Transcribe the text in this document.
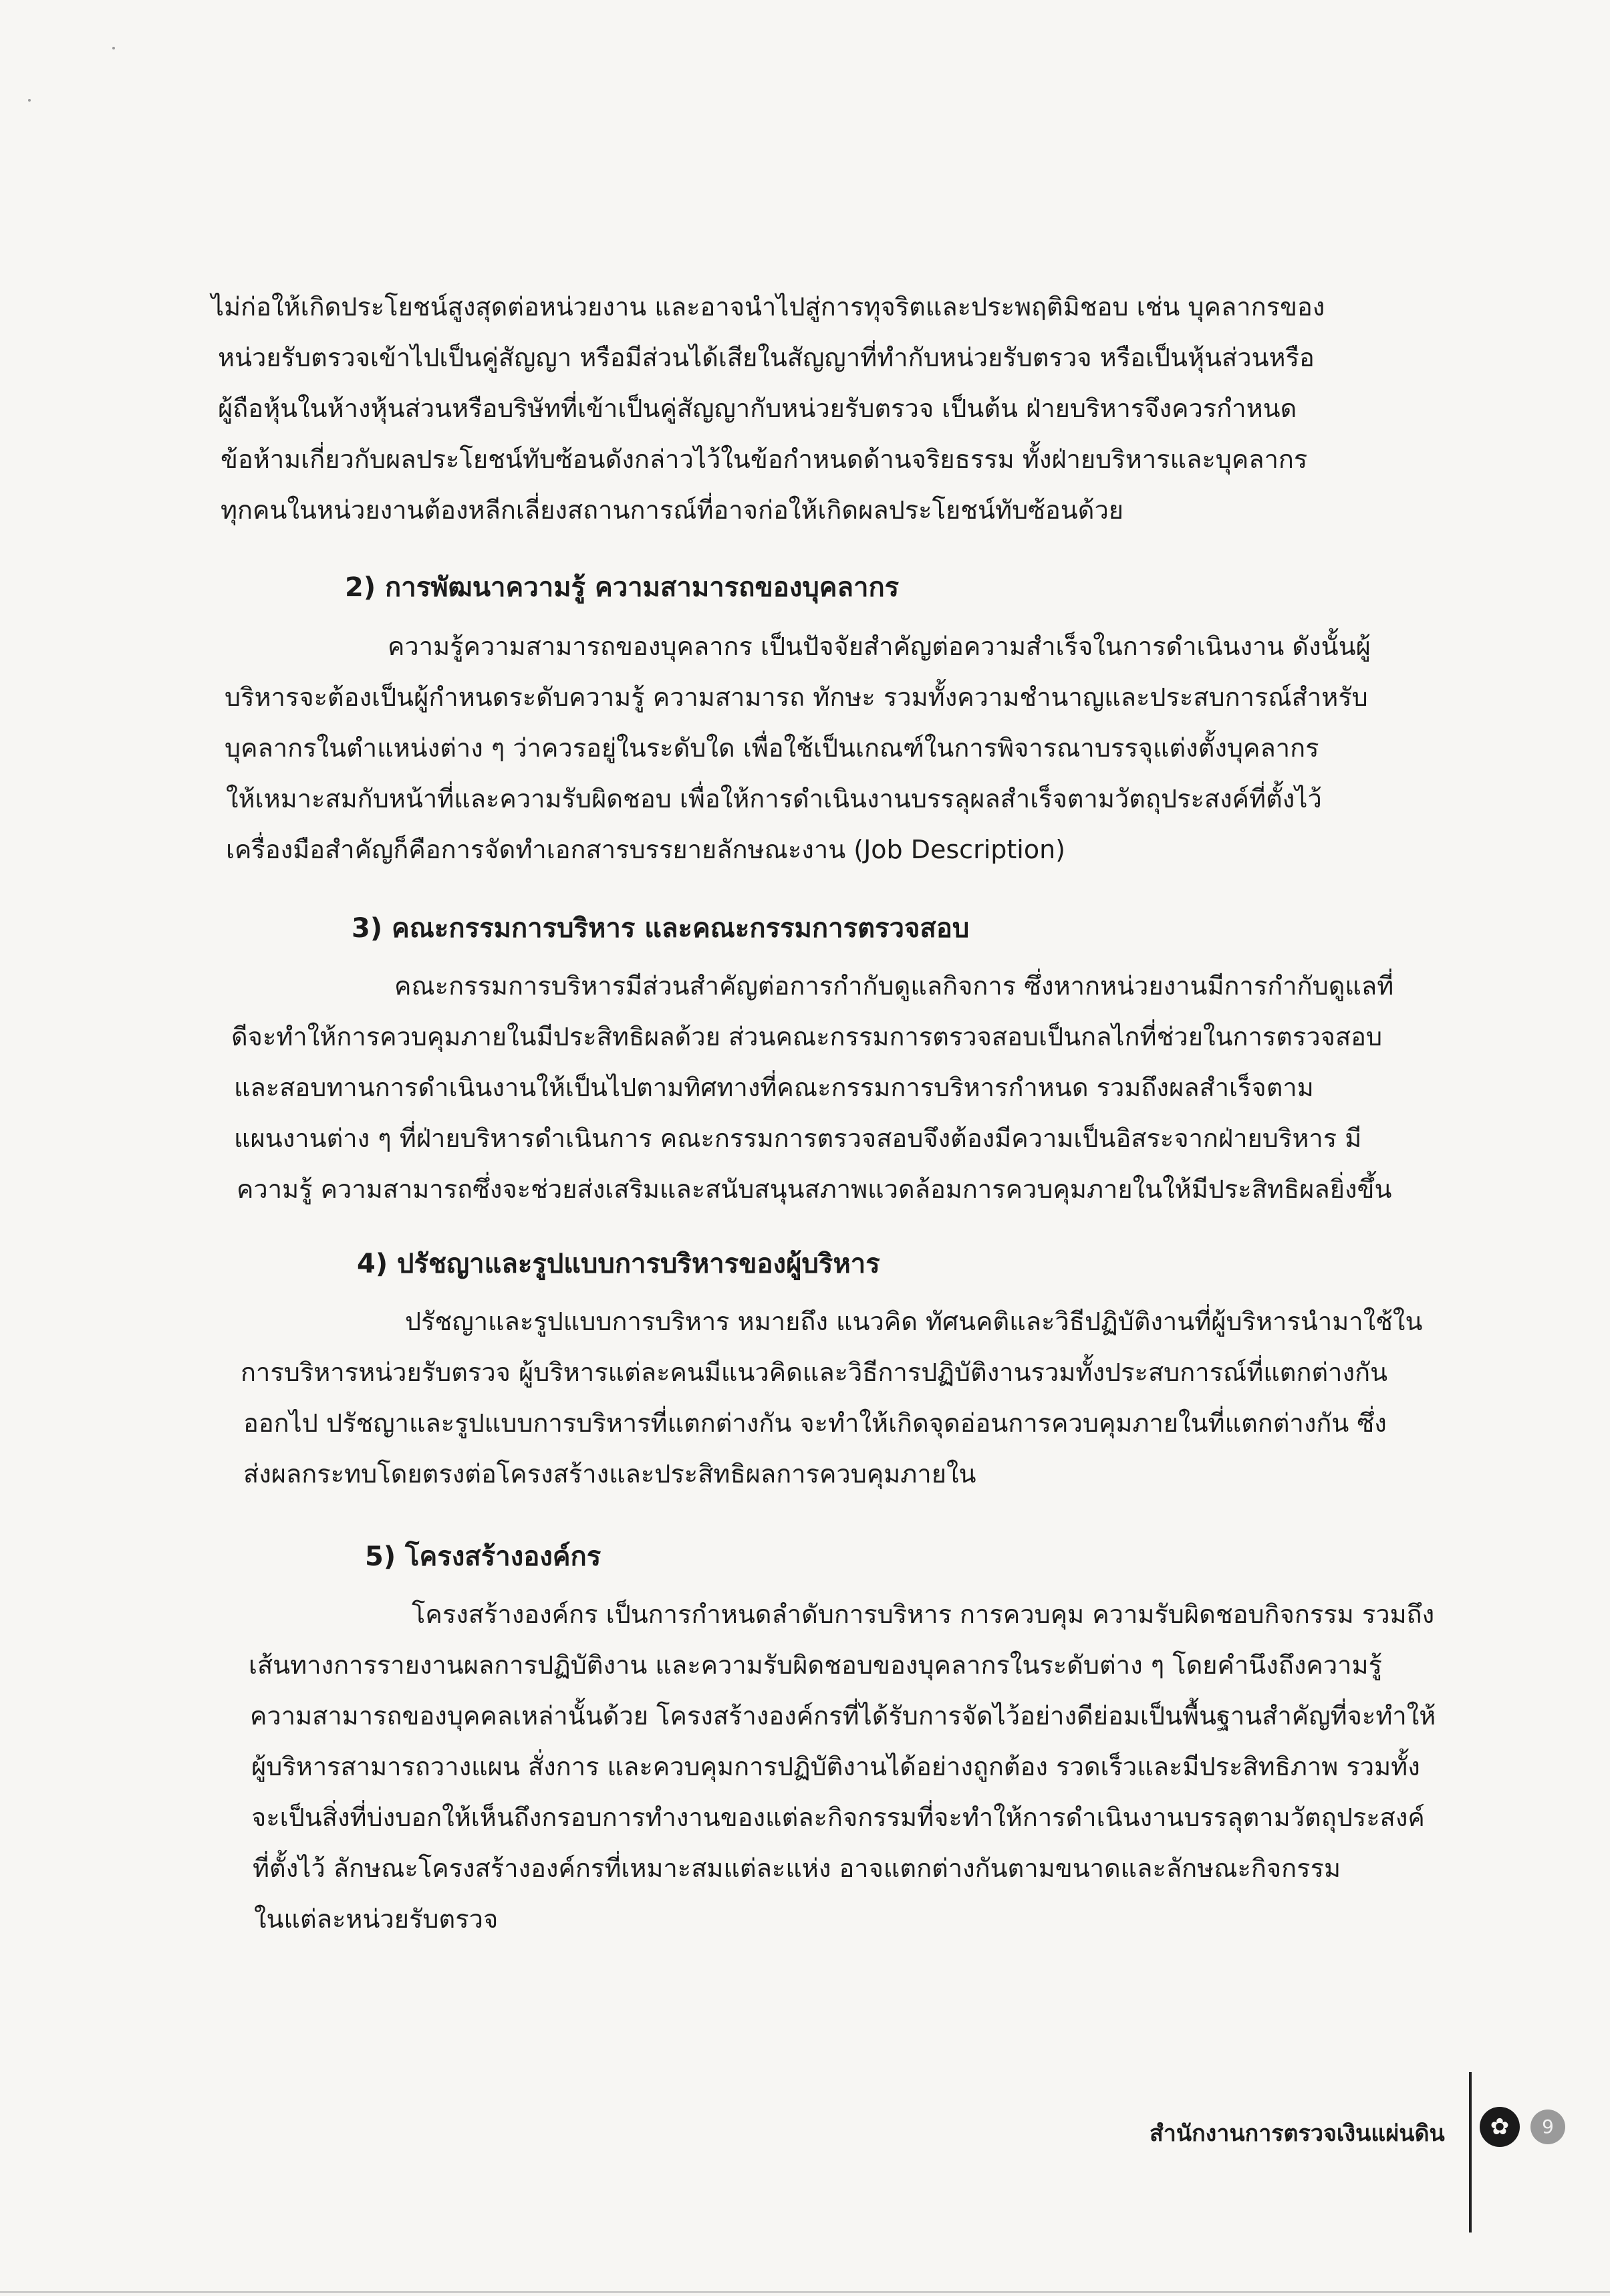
ไม่ก่อให้เกิดประโยชน์สูงสุดต่อหน่วยงาน และอาจนำไปสู่การทุจริตและประพฤติมิชอบ เช่น บุคลากรของ
หน่วยรับตรวจเข้าไปเป็นคู่สัญญา หรือมีส่วนได้เสียในสัญญาที่ทำกับหน่วยรับตรวจ หรือเป็นหุ้นส่วนหรือ
ผู้ถือหุ้นในห้างหุ้นส่วนหรือบริษัทที่เข้าเป็นคู่สัญญากับหน่วยรับตรวจ เป็นต้น ฝ่ายบริหารจึงควรกำหนด
ข้อห้ามเกี่ยวกับผลประโยชน์ทับซ้อนดังกล่าวไว้ในข้อกำหนดด้านจริยธรรม ทั้งฝ่ายบริหารและบุคลากร
ทุกคนในหน่วยงานต้องหลีกเลี่ยงสถานการณ์ที่อาจก่อให้เกิดผลประโยชน์ทับซ้อนด้วย
2) การพัฒนาความรู้ ความสามารถของบุคลากร
ความรู้ความสามารถของบุคลากร เป็นปัจจัยสำคัญต่อความสำเร็จในการดำเนินงาน ดังนั้นผู้
บริหารจะต้องเป็นผู้กำหนดระดับความรู้ ความสามารถ ทักษะ รวมทั้งความชำนาญและประสบการณ์สำหรับ
บุคลากรในตำแหน่งต่าง ๆ ว่าควรอยู่ในระดับใด เพื่อใช้เป็นเกณฑ์ในการพิจารณาบรรจุแต่งตั้งบุคลากร
ให้เหมาะสมกับหน้าที่และความรับผิดชอบ เพื่อให้การดำเนินงานบรรลุผลสำเร็จตามวัตถุประสงค์ที่ตั้งไว้
เครื่องมือสำคัญก็คือการจัดทำเอกสารบรรยายลักษณะงาน (Job Description)
3) คณะกรรมการบริหาร และคณะกรรมการตรวจสอบ
คณะกรรมการบริหารมีส่วนสำคัญต่อการกำกับดูแลกิจการ ซึ่งหากหน่วยงานมีการกำกับดูแลที่
ดีจะทำให้การควบคุมภายในมีประสิทธิผลด้วย ส่วนคณะกรรมการตรวจสอบเป็นกลไกที่ช่วยในการตรวจสอบ
และสอบทานการดำเนินงานให้เป็นไปตามทิศทางที่คณะกรรมการบริหารกำหนด รวมถึงผลสำเร็จตาม
แผนงานต่าง ๆ ที่ฝ่ายบริหารดำเนินการ คณะกรรมการตรวจสอบจึงต้องมีความเป็นอิสระจากฝ่ายบริหาร มี
ความรู้ ความสามารถซึ่งจะช่วยส่งเสริมและสนับสนุนสภาพแวดล้อมการควบคุมภายในให้มีประสิทธิผลยิ่งขึ้น
4) ปรัชญาและรูปแบบการบริหารของผู้บริหาร
ปรัชญาและรูปแบบการบริหาร หมายถึง แนวคิด ทัศนคติและวิธีปฏิบัติงานที่ผู้บริหารนำมาใช้ใน
การบริหารหน่วยรับตรวจ ผู้บริหารแต่ละคนมีแนวคิดและวิธีการปฏิบัติงานรวมทั้งประสบการณ์ที่แตกต่างกัน
ออกไป ปรัชญาและรูปแบบการบริหารที่แตกต่างกัน จะทำให้เกิดจุดอ่อนการควบคุมภายในที่แตกต่างกัน ซึ่ง
ส่งผลกระทบโดยตรงต่อโครงสร้างและประสิทธิผลการควบคุมภายใน
5) โครงสร้างองค์กร
โครงสร้างองค์กร เป็นการกำหนดลำดับการบริหาร การควบคุม ความรับผิดชอบกิจกรรม รวมถึง
เส้นทางการรายงานผลการปฏิบัติงาน และความรับผิดชอบของบุคลากรในระดับต่าง ๆ โดยคำนึงถึงความรู้
ความสามารถของบุคคลเหล่านั้นด้วย โครงสร้างองค์กรที่ได้รับการจัดไว้อย่างดีย่อมเป็นพื้นฐานสำคัญที่จะทำให้
ผู้บริหารสามารถวางแผน สั่งการ และควบคุมการปฏิบัติงานได้อย่างถูกต้อง รวดเร็วและมีประสิทธิภาพ รวมทั้ง
จะเป็นสิ่งที่บ่งบอกให้เห็นถึงกรอบการทำงานของแต่ละกิจกรรมที่จะทำให้การดำเนินงานบรรลุตามวัตถุประสงค์
ที่ตั้งไว้ ลักษณะโครงสร้างองค์กรที่เหมาะสมแต่ละแห่ง อาจแตกต่างกันตามขนาดและลักษณะกิจกรรม
ในแต่ละหน่วยรับตรวจ
สำนักงานการตรวจเงินแผ่นดิน	✿	9
